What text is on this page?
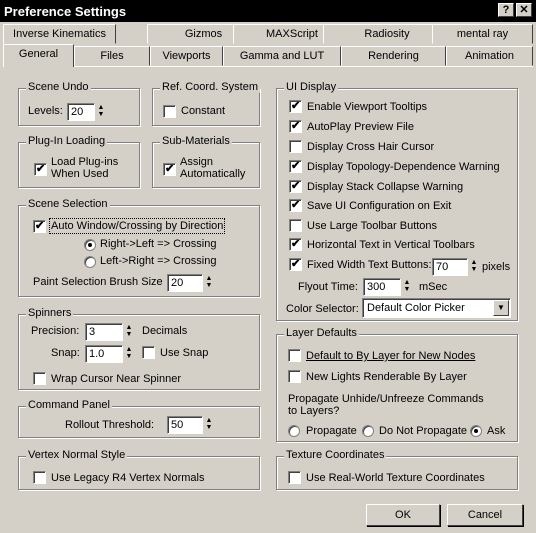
Preference Settings	? ✕
Inverse Kinematics	Gizmos	MAXScript	Radiosity	mental ray
General	Files	Viewports	Gamma and LUT	Rendering	Animation
Scene Undo
Levels: 20	▲
▼
Ref. Coord. System
Constant
Plug-In Loading
✔
Load Plug-ins
When Used
Sub-Materials
✔
Assign
Automatically
Scene Selection
✔
Auto Window/Crossing by Direction
Right->Left => Crossing
Left->Right => Crossing
Paint Selection Brush Size 20	▲
▼
Spinners
Precision: 3	▲
▼ Decimals
Snap: 1.0	▲
▼	Use Snap
Wrap Cursor Near Spinner
Command Panel
Rollout Threshold:	50	▲
▼
Vertex Normal Style
Use Legacy R4 Vertex Normals
UI Display
✔
Enable Viewport Tooltips
✔
AutoPlay Preview File
Display Cross Hair Cursor
✔
Display Topology-Dependence Warning
✔
Display Stack Collapse Warning
✔
Save UI Configuration on Exit
Use Large Toolbar Buttons
✔
Horizontal Text in Vertical Toolbars
✔
Fixed Width Text Buttons: 70	▲
▼ pixels
Flyout Time: 300	▲
▼ mSec
Color Selector: Default Color Picker	▼
Layer Defaults
Default to By Layer for New Nodes
New Lights Renderable By Layer
Propagate Unhide/Unfreeze Commands
to Layers?
Propagate Do Not Propagate Ask
Texture Coordinates
Use Real-World Texture Coordinates
OK	Cancel
